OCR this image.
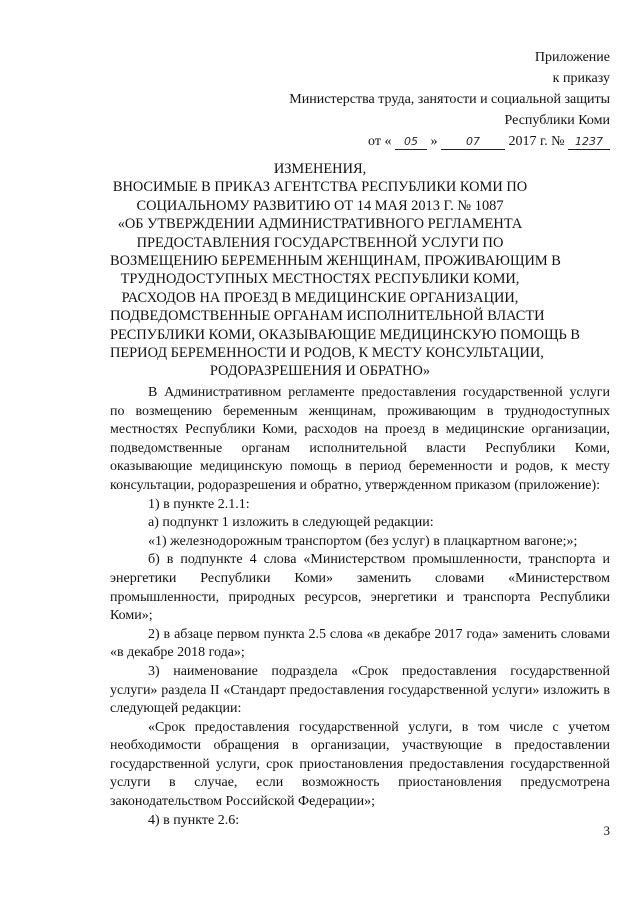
Приложение
к приказу
Министерства труда, занятости и социальной защиты
Республики Коми
от « 05 »	07 2017 г. № 1237
ИЗМЕНЕНИЯ,
ВНОСИМЫЕ В ПРИКАЗ АГЕНТСТВА РЕСПУБЛИКИ КОМИ ПО
СОЦИАЛЬНОМУ РАЗВИТИЮ ОТ 14 МАЯ 2013 Г. № 1087
«ОБ УТВЕРЖДЕНИИ АДМИНИСТРАТИВНОГО РЕГЛАМЕНТА
ПРЕДОСТАВЛЕНИЯ ГОСУДАРСТВЕННОЙ УСЛУГИ ПО
ВОЗМЕЩЕНИЮ БЕРЕМЕННЫМ ЖЕНЩИНАМ, ПРОЖИВАЮЩИМ В
ТРУДНОДОСТУПНЫХ МЕСТНОСТЯХ РЕСПУБЛИКИ КОМИ,
РАСХОДОВ НА ПРОЕЗД В МЕДИЦИНСКИЕ ОРГАНИЗАЦИИ,
ПОДВЕДОМСТВЕННЫЕ ОРГАНАМ ИСПОЛНИТЕЛЬНОЙ ВЛАСТИ
РЕСПУБЛИКИ КОМИ, ОКАЗЫВАЮЩИЕ МЕДИЦИНСКУЮ ПОМОЩЬ В
ПЕРИОД БЕРЕМЕННОСТИ И РОДОВ, К МЕСТУ КОНСУЛЬТАЦИИ,
РОДОРАЗРЕШЕНИЯ И ОБРАТНО»

В Административном регламенте предоставления государственной услуги по возмещению беременным женщинам, проживающим в труднодоступных местностях Республики Коми, расходов на проезд в медицинские организации, подведомственные органам исполнительной власти Республики Коми, оказывающие медицинскую помощь в период беременности и родов, к месту консультации, родоразрешения и обратно, утвержденном приказом (приложение):

1) в пункте 2.1.1:

а) подпункт 1 изложить в следующей редакции:

«1) железнодорожным транспортом (без услуг) в плацкартном вагоне;»;

б) в подпункте 4 слова «Министерством промышленности, транспорта и энергетики Республики Коми» заменить словами «Министерством промышленности, природных ресурсов, энергетики и транспорта Республики Коми»;

2) в абзаце первом пункта 2.5 слова «в декабре 2017 года» заменить словами «в декабре 2018 года»;

3) наименование подраздела «Срок предоставления государственной услуги» раздела II «Стандарт предоставления государственной услуги» изложить в следующей редакции:

«Срок предоставления государственной услуги, в том числе с учетом необходимости обращения в организации, участвующие в предоставлении государственной услуги, срок приостановления предоставления государственной услуги в случае, если возможность приостановления предусмотрена законодательством Российской Федерации»;

4) в пункте 2.6:

3
